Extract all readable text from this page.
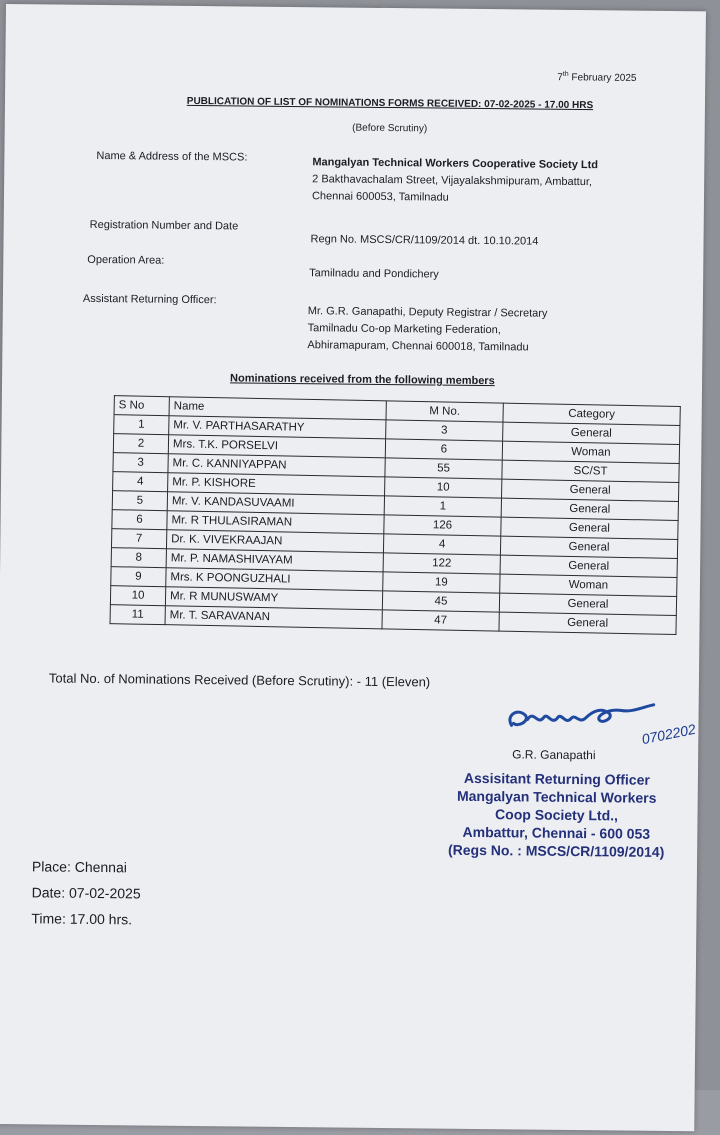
7th February 2025
PUBLICATION OF LIST OF NOMINATIONS FORMS RECEIVED: 07-02-2025 - 17.00 HRS
(Before Scrutiny)
Name & Address of the MSCS:	Mangalyan Technical Workers Cooperative Society Ltd
2 Bakthavachalam Street, Vijayalakshmipuram, Ambattur,
Chennai 600053, Tamilnadu
Registration Number and Date
Regn No. MSCS/CR/1109/2014 dt. 10.10.2014
Operation Area:
Tamilnadu and Pondichery
Assistant Returning Officer:
Mr. G.R. Ganapathi, Deputy Registrar / Secretary
Tamilnadu Co-op Marketing Federation,
Abhiramapuram, Chennai 600018, Tamilnadu
Nominations received from the following members
S No	Name	M No.	Category
1	Mr. V. PARTHASARATHY	3	General
2	Mrs. T.K. PORSELVI	6	Woman
3	Mr. C. KANNIYAPPAN	55	SC/ST
4	Mr. P. KISHORE	10	General
5	Mr. V. KANDASUVAAMI	1	General
6	Mr. R THULASIRAMAN	126	General
7	Dr. K. VIVEKRAAJAN	4	General
8	Mr. P. NAMASHIVAYAM	122	General
9	Mrs. K POONGUZHALI	19	Woman
10	Mr. R MUNUSWAMY	45	General
11	Mr. T. SARAVANAN	47	General
Total No. of Nominations Received (Before Scrutiny): - 11 (Eleven)
0702202
G.R. Ganapathi
Assisitant Returning Officer
Mangalyan Technical Workers
Coop Society Ltd.,
Ambattur, Chennai - 600 053
(Regs No. : MSCS/CR/1109/2014)
Place: Chennai
Date: 07-02-2025
Time: 17.00 hrs.
